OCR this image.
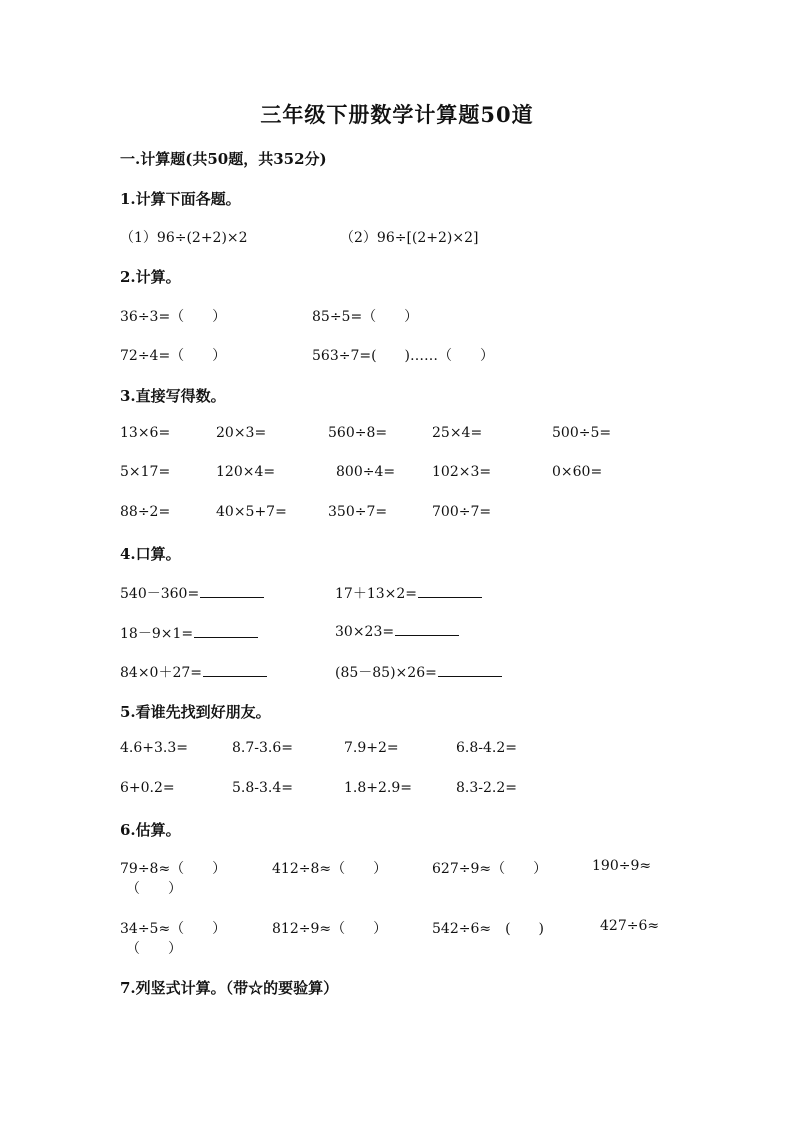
三年级下册数学计算题50道
一.计算题(共50题，共352分)
1.计算下面各题。
（1）96÷(2+2)×2	（2）96÷[(2+2)×2]
2.计算。
36÷3=（　　）	85÷5=（　　）
72÷4=（　　）	563÷7=(　　)……（　　）
3.直接写得数。
13×6=	20×3=	560÷8=	25×4=	500÷5=
5×17=	120×4=	800÷4=	102×3=	0×60=
88÷2=	40×5+7=	350÷7=	700÷7=
4.口算。
540－360=	17＋13×2=
18－9×1=	30×23=
84×0＋27=	(85－85)×26=
5.看谁先找到好朋友。
4.6+3.3=	8.7-3.6=	7.9+2=	6.8-4.2=
6+0.2=	5.8-3.4=	1.8+2.9=	8.3-2.2=
6.估算。
79÷8≈（　　）	412÷8≈（　　）	627÷9≈（　　）	190÷9≈
（　　）
34÷5≈（　　）	812÷9≈（　　）	542÷6≈　(　　)	427÷6≈
（　　）
7.列竖式计算。（带☆的要验算）
